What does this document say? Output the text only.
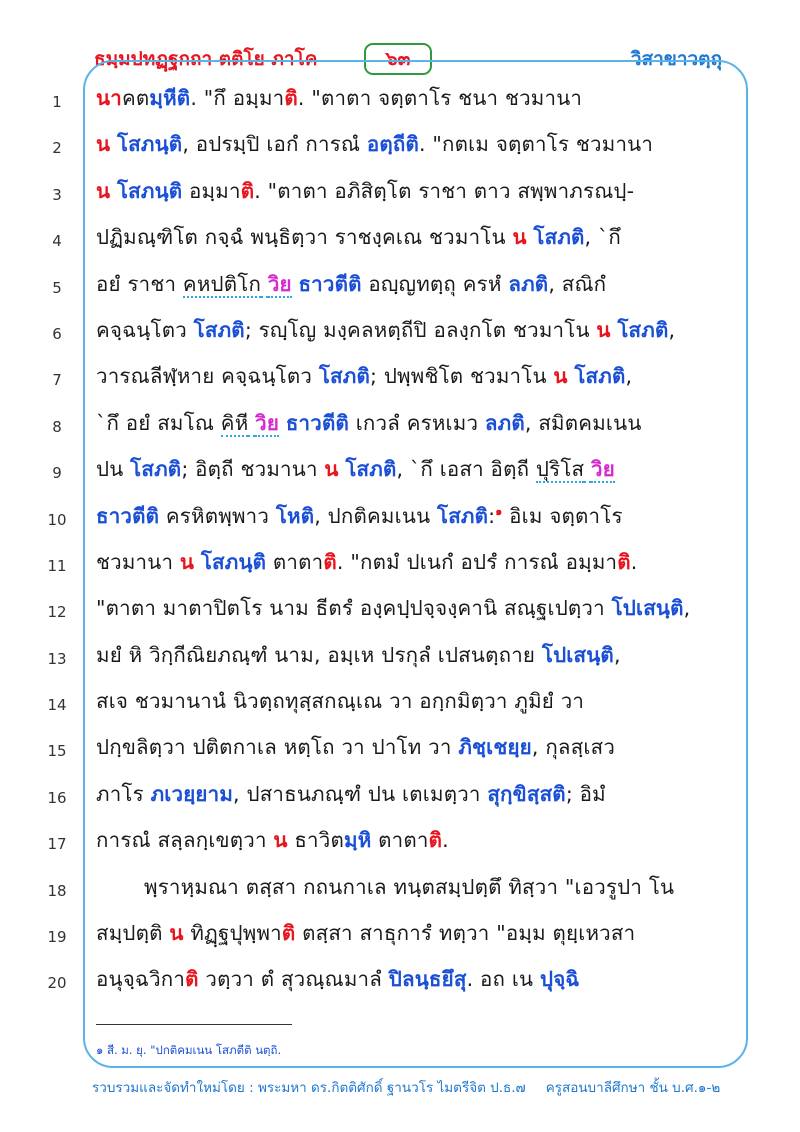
ธมฺมปทฏฺฐกถา ตติโย ภาโค	๖๓	วิสาขาวตฺถุ
1	นาคตมฺหีติ. "กึ อมฺมาติ. "ตาตา จตฺตาโร ชนา ชวมานา
2	น โสภนฺติ, อปรมฺปิ เอกํ การณํ อตฺถีติ. "กตเม จตฺตาโร ชวมานา
3	น โสภนฺติ อมฺมาติ. "ตาตา อภิสิตฺโต ราชา ตาว สพฺพาภรณปฺ-
4	ปฏิมณฺฑิโต กจฺฉํ พนฺธิตฺวา ราชงฺคเณ ชวมาโน น โสภติ, `กึ
5	อยํ ราชา คหปติโก วิย ธาวตีติ อญฺญทตฺถุ ครหํ ลภติ, สณิกํ
6	คจฺฉนฺโตว โสภติ; รญฺโญ มงฺคลหตฺถีปิ อลงฺกโต ชวมาโน น โสภติ,
7	วารณลีฬฺหาย คจฺฉนฺโตว โสภติ; ปพฺพชิโต ชวมาโน น โสภติ,
8	`กึ อยํ สมโณ คิหี วิย ธาวตีติ เกวลํ ครหเมว ลภติ, สมิตคมเนน
9	ปน โสภติ; อิตฺถี ชวมานา น โสภติ, `กึ เอสา อิตฺถี ปุริโส วิย
10	ธาวตีติ ครหิตพฺพาว โหติ, ปกติคมเนน โสภติ:$^๑$ อิเม จตฺตาโร
11	ชวมานา น โสภนฺติ ตาตาติ. "กตมํ ปเนกํ อปรํ การณํ อมฺมาติ.
12	"ตาตา มาตาปิตโร นาม ธีตรํ องฺคปฺปจฺจงฺคานิ สณฺฐเปตฺวา โปเสนฺติ,
13	มยํ หิ วิกฺกีณิยภณฺฑํ นาม, อมฺเห ปรกุลํ เปสนตฺถาย โปเสนฺติ,
14	สเจ ชวมานานํ นิวตฺถทุสฺสกณฺเณ วา อกฺกมิตฺวา ภูมิยํ วา
15	ปกฺขลิตฺวา ปติตกาเล หตฺโถ วา ปาโท วา ภิชฺเชยฺย, กุลสฺเสว
16	ภาโร ภเวยฺยาม, ปสาธนภณฺฑํ ปน เตเมตฺวา สุกฺขิสฺสติ; อิมํ
17	การณํ สลฺลกฺเขตฺวา น ธาวิตมฺหิ ตาตาติ.
18	พฺราหฺมณา ตสฺสา กถนกาเล ทนฺตสมฺปตฺตึ ทิสฺวา "เอวรูปา โน
19	สมฺปตฺติ น ทิฏฺฐปุพฺพาติ ตสฺสา สาธุการํ ทตฺวา "อมฺม ตุยฺเหวสา
20	อนุจฺฉวิกาติ วตฺวา ตํ สุวณฺณมาลํ ปิลนฺธยึสุ. อถ เน ปุจฺฉิ
๑ สี. ม. ยุ. "ปกติคมเนน โสภตีติ นตฺถิ.
รวบรวมและจัดทำใหม่โดย : พระมหา ดร.กิตติศักดิ์ ฐานวโร ไมตรีจิต ป.ธ.๗ ครูสอนบาลีศึกษา ชั้น บ.ศ.๑-๒
